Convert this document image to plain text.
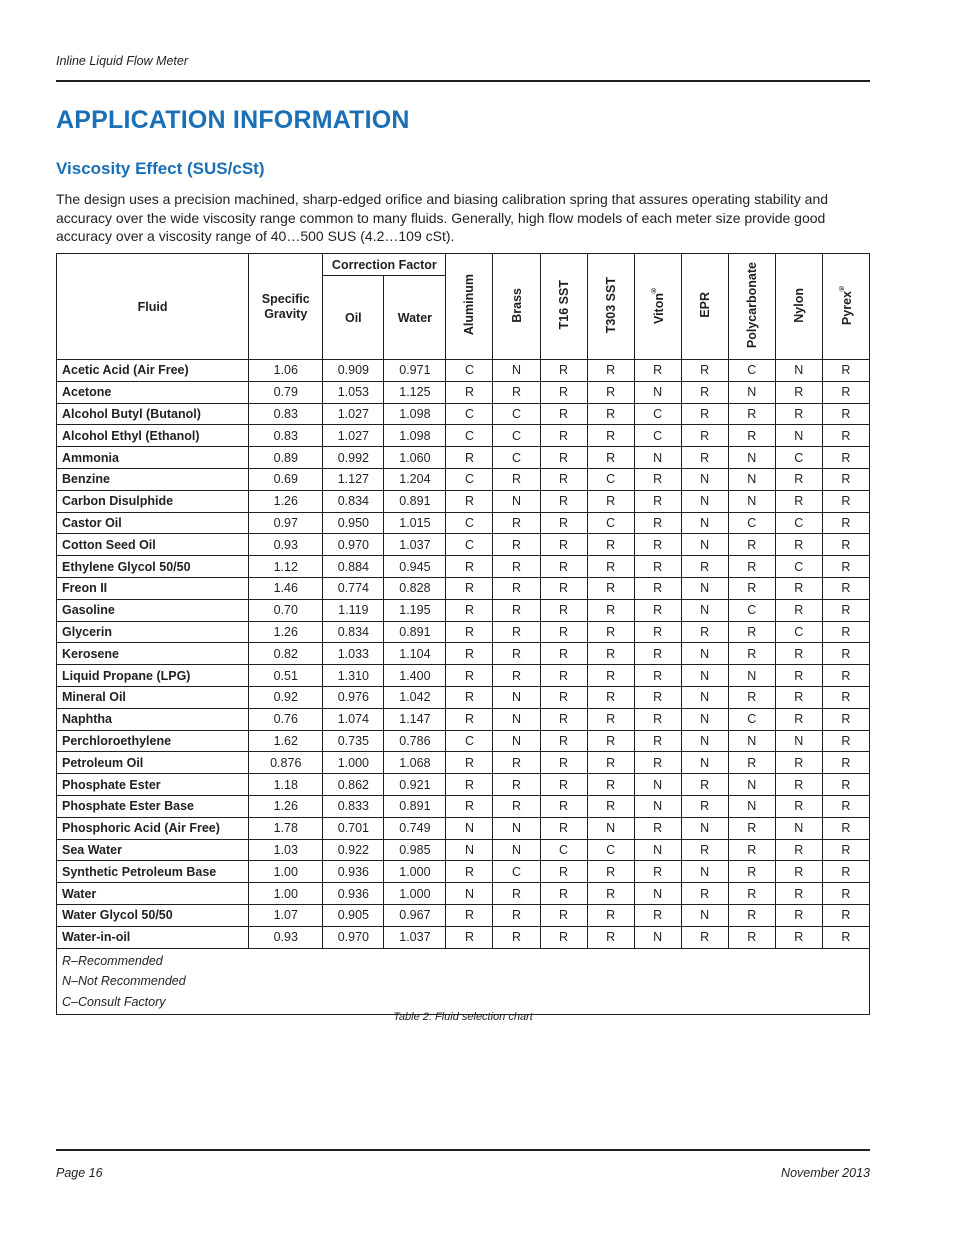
Inline Liquid Flow Meter
APPLICATION INFORMATION
Viscosity Effect (SUS/cSt)

The design uses a precision machined, sharp-edged orifice and biasing calibration spring that assures operating stability and accuracy over the wide viscosity range common to many fluids. Generally, high flow models of each meter size provide good accuracy over a viscosity range of 40…500 SUS (4.2…109 cSt).

Fluid	Specific Gravity	Correction Factor		Aluminum	Brass	T16 SST	T303 SST	Viton®	EPR	Polycarbonate	Nylon	Pyrex®
		Oil	Water									
Acetic Acid (Air Free)	1.06	0.909	0.971	C	N	R	R	R	R	C	N	R
Acetone	0.79	1.053	1.125	R	R	R	R	N	R	N	R	R
Alcohol Butyl (Butanol)	0.83	1.027	1.098	C	C	R	R	C	R	R	R	R
Alcohol Ethyl (Ethanol)	0.83	1.027	1.098	C	C	R	R	C	R	R	N	R
Ammonia	0.89	0.992	1.060	R	C	R	R	N	R	N	C	R
Benzine	0.69	1.127	1.204	C	R	R	C	R	N	N	R	R
Carbon Disulphide	1.26	0.834	0.891	R	N	R	R	R	N	N	R	R
Castor Oil	0.97	0.950	1.015	C	R	R	C	R	N	C	C	R
Cotton Seed Oil	0.93	0.970	1.037	C	R	R	R	R	N	R	R	R
Ethylene Glycol 50/50	1.12	0.884	0.945	R	R	R	R	R	R	R	C	R
Freon II	1.46	0.774	0.828	R	R	R	R	R	N	R	R	R
Gasoline	0.70	1.119	1.195	R	R	R	R	R	N	C	R	R
Glycerin	1.26	0.834	0.891	R	R	R	R	R	R	R	C	R
Kerosene	0.82	1.033	1.104	R	R	R	R	R	N	R	R	R
Liquid Propane (LPG)	0.51	1.310	1.400	R	R	R	R	R	N	N	R	R
Mineral Oil	0.92	0.976	1.042	R	N	R	R	R	N	R	R	R
Naphtha	0.76	1.074	1.147	R	N	R	R	R	N	C	R	R
Perchloroethylene	1.62	0.735	0.786	C	N	R	R	R	N	N	N	R
Petroleum Oil	0.876	1.000	1.068	R	R	R	R	R	N	R	R	R
Phosphate Ester	1.18	0.862	0.921	R	R	R	R	N	R	N	R	R
Phosphate Ester Base	1.26	0.833	0.891	R	R	R	R	N	R	N	R	R
Phosphoric Acid (Air Free)	1.78	0.701	0.749	N	N	R	N	R	N	R	N	R
Sea Water	1.03	0.922	0.985	N	N	C	C	N	R	R	R	R
Synthetic Petroleum Base	1.00	0.936	1.000	R	C	R	R	R	N	R	R	R
Water	1.00	0.936	1.000	N	R	R	R	N	R	R	R	R
Water Glycol 50/50	1.07	0.905	0.967	R	R	R	R	R	N	R	R	R
Water-in-oil	0.93	0.970	1.037	R	R	R	R	N	R	R	R	R

R–Recommended
N–Not Recommended
C–Consult Factory												
Table 2: Fluid selection chart
Page 16	November 2013
